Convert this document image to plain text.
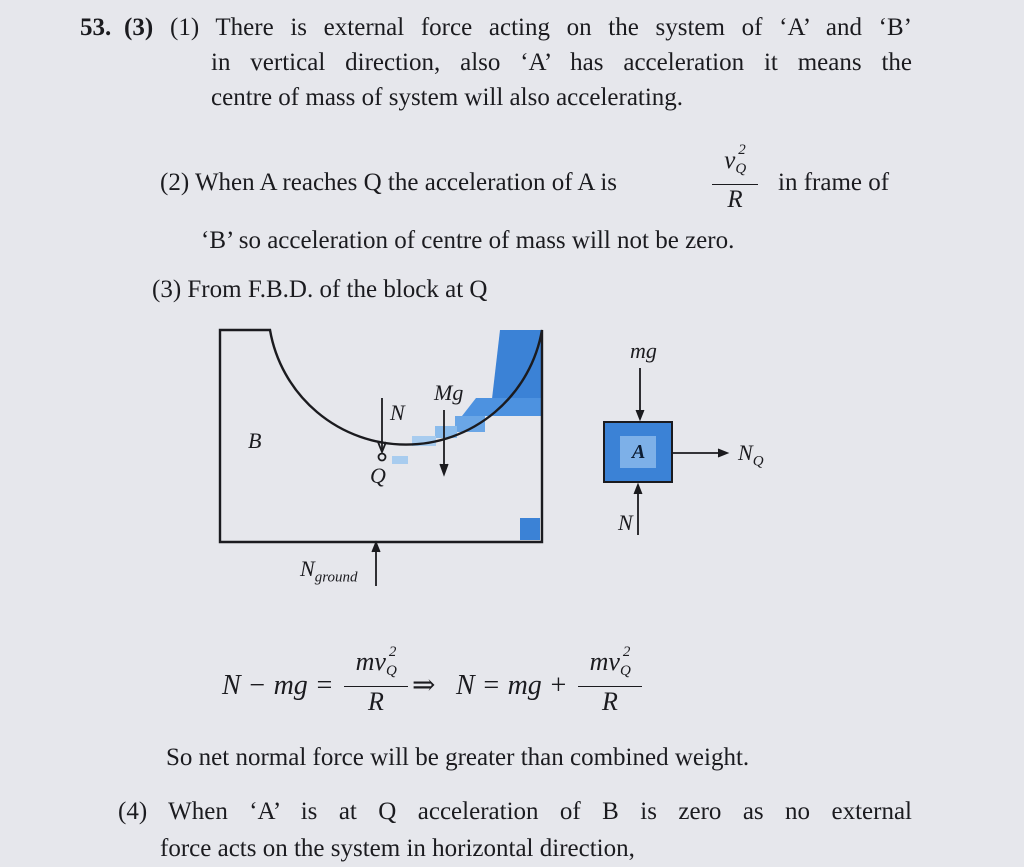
53. (3) (1) There is external force acting on the system of ‘A’ and ‘B’
in vertical direction, also ‘A’ has acceleration it means the
centre of mass of system will also accelerating.
(2) When A reaches Q the acceleration of A is
$v_Q^2$
R
in frame of
‘B’ so acceleration of centre of mass will not be zero.
(3) From F.B.D. of the block at Q
B
N
Mg
Q
$N_{ground}$
mg
A	$N_Q$
N
N − mg =
$mv_Q^2$
R
⇒ N = mg +
$mv_Q^2$
R
So net normal force will be greater than combined weight.
(4) When ‘A’ is at Q acceleration of B is zero as no external
force acts on the system in horizontal direction,
